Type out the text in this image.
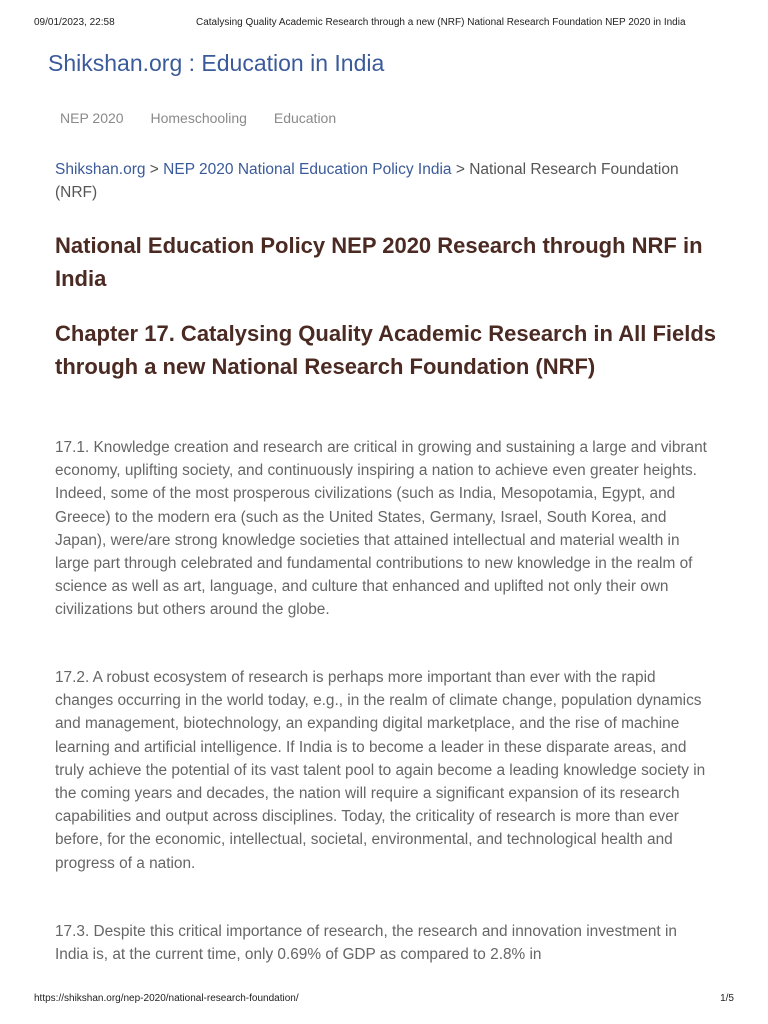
09/01/2023, 22:58	Catalysing Quality Academic Research through a new (NRF) National Research Foundation NEP 2020 in India
Shikshan.org : Education in India
NEP 2020 Homeschooling Education
Shikshan.org > NEP 2020 National Education Policy India > National Research Foundation (NRF)
National Education Policy NEP 2020 Research through NRF in India
Chapter 17. Catalysing Quality Academic Research in All Fields through a new National Research Foundation (NRF)

17.1. Knowledge creation and research are critical in growing and sustaining a large and vibrant economy, uplifting society, and continuously inspiring a nation to achieve even greater heights. Indeed, some of the most prosperous civilizations (such as India, Mesopotamia, Egypt, and Greece) to the modern era (such as the United States, Germany, Israel, South Korea, and Japan), were/are strong knowledge societies that attained intellectual and material wealth in large part through celebrated and fundamental contributions to new knowledge in the realm of science as well as art, language, and culture that enhanced and uplifted not only their own civilizations but others around the globe.

17.2. A robust ecosystem of research is perhaps more important than ever with the rapid changes occurring in the world today, e.g., in the realm of climate change, population dynamics and management, biotechnology, an expanding digital marketplace, and the rise of machine learning and artificial intelligence. If India is to become a leader in these disparate areas, and truly achieve the potential of its vast talent pool to again become a leading knowledge society in the coming years and decades, the nation will require a significant expansion of its research capabilities and output across disciplines. Today, the criticality of research is more than ever before, for the economic, intellectual, societal, environmental, and technological health and progress of a nation.

17.3. Despite this critical importance of research, the research and innovation investment in India is, at the current time, only 0.69% of GDP as compared to 2.8% in

https://shikshan.org/nep-2020/national-research-foundation/	1/5
